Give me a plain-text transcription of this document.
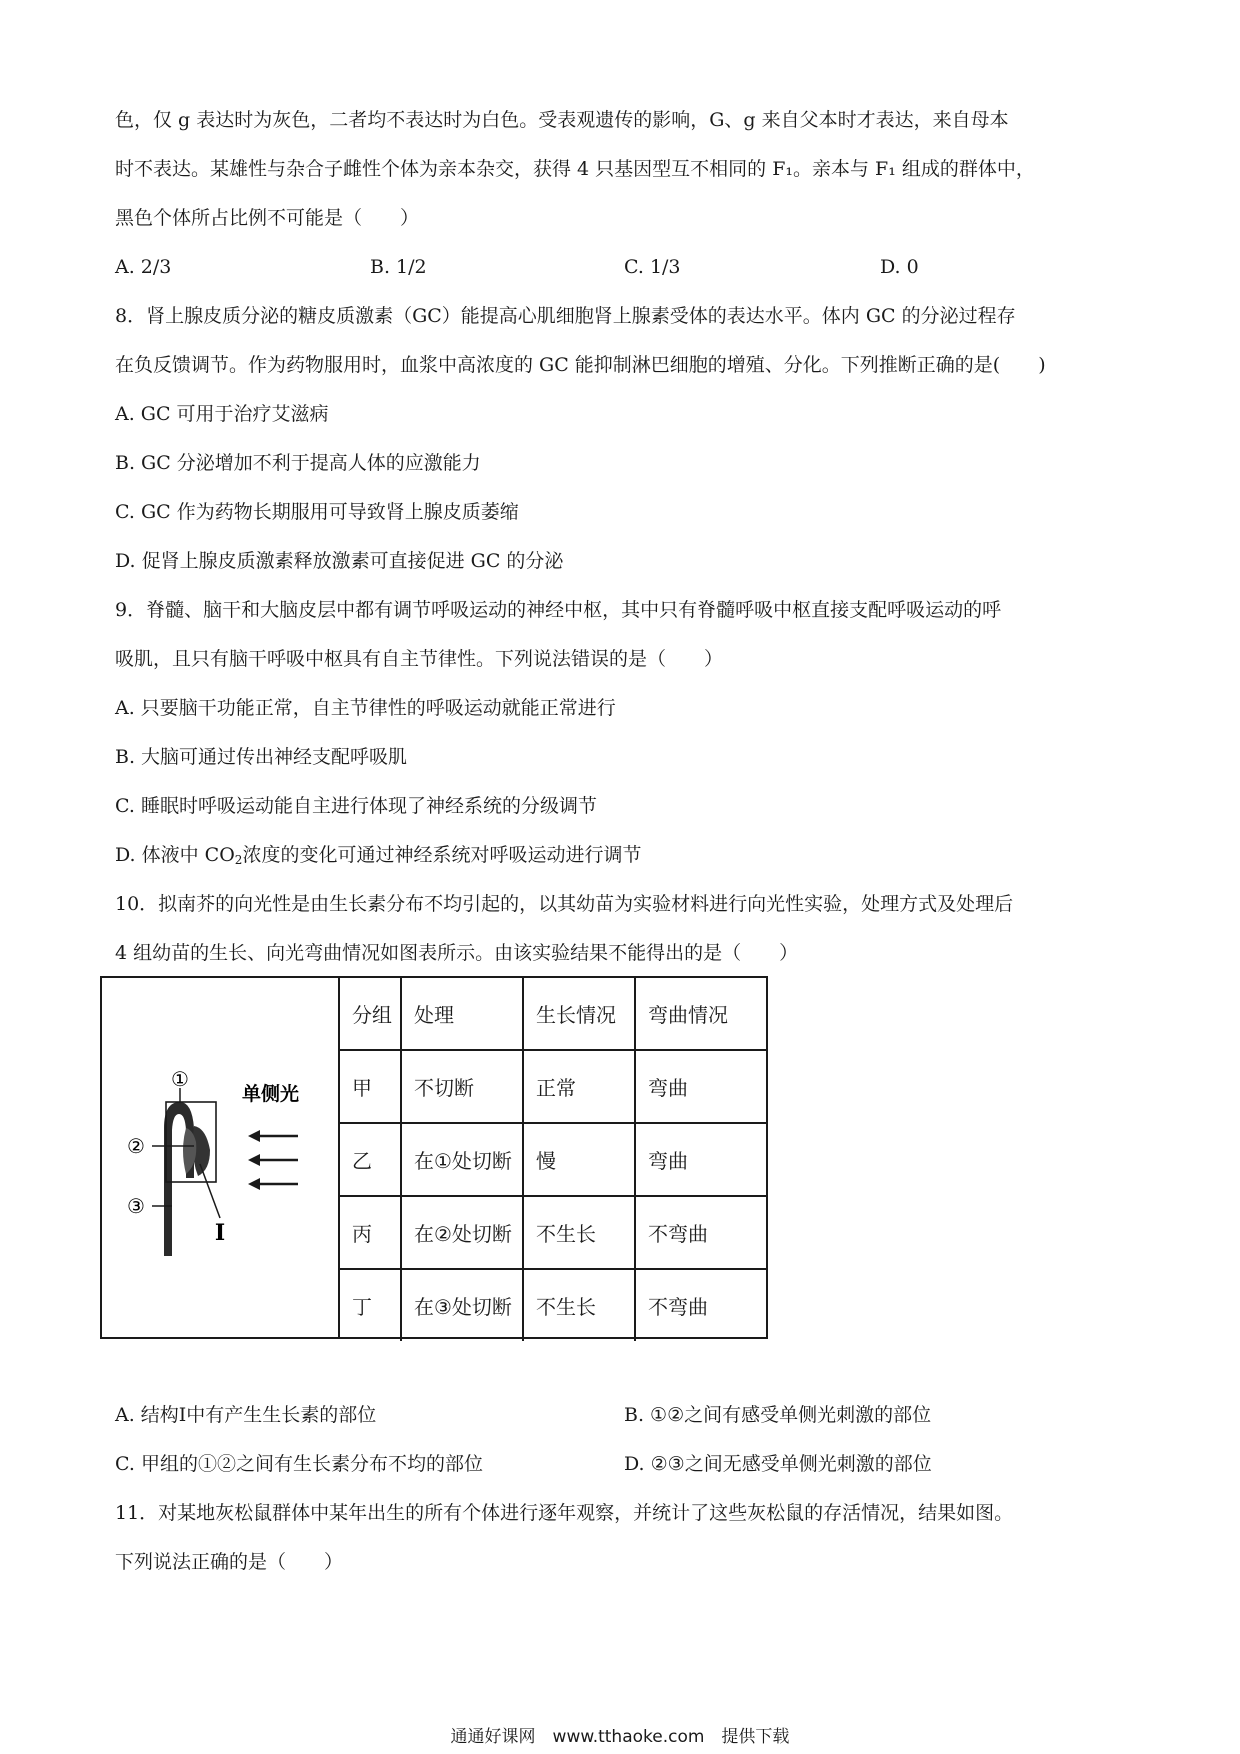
色，仅 g 表达时为灰色，二者均不表达时为白色。受表观遗传的影响，G、g 来自父本时才表达，来自母本
时不表达。某雄性与杂合子雌性个体为亲本杂交，获得 4 只基因型互不相同的 F₁。亲本与 F₁ 组成的群体中，
黑色个体所占比例不可能是（　　）
A. 2/3	B. 1/2	C. 1/3	D. 0
8．肾上腺皮质分泌的糖皮质激素（GC）能提高心肌细胞肾上腺素受体的表达水平。体内 GC 的分泌过程存
在负反馈调节。作为药物服用时，血浆中高浓度的 GC 能抑制淋巴细胞的增殖、分化。下列推断正确的是(　　)
A. GC 可用于治疗艾滋病
B. GC 分泌增加不利于提高人体的应激能力
C. GC 作为药物长期服用可导致肾上腺皮质萎缩
D. 促肾上腺皮质激素释放激素可直接促进 GC 的分泌
9．脊髓、脑干和大脑皮层中都有调节呼吸运动的神经中枢，其中只有脊髓呼吸中枢直接支配呼吸运动的呼
吸肌，且只有脑干呼吸中枢具有自主节律性。下列说法错误的是（　　）
A. 只要脑干功能正常，自主节律性的呼吸运动就能正常进行
B. 大脑可通过传出神经支配呼吸肌
C. 睡眠时呼吸运动能自主进行体现了神经系统的分级调节
D. 体液中 $CO_2$浓度的变化可通过神经系统对呼吸运动进行调节
10．拟南芥的向光性是由生长素分布不均引起的，以其幼苗为实验材料进行向光性实验，处理方式及处理后
4 组幼苗的生长、向光弯曲情况如图表所示。由该实验结果不能得出的是（　　）
①
②
③
I
单侧光
分组	处理	生长情况	弯曲情况
甲	不切断	正常	弯曲
乙	在①处切断	慢	弯曲
丙	在②处切断	不生长	不弯曲
丁	在③处切断	不生长	不弯曲
A. 结构I中有产生生长素的部位	B. ①②之间有感受单侧光刺激的部位
C. 甲组的①②之间有生长素分布不均的部位	D. ②③之间无感受单侧光刺激的部位
11．对某地灰松鼠群体中某年出生的所有个体进行逐年观察，并统计了这些灰松鼠的存活情况，结果如图。
下列说法正确的是（　　）
通通好课网　www.tthaoke.com　提供下载
